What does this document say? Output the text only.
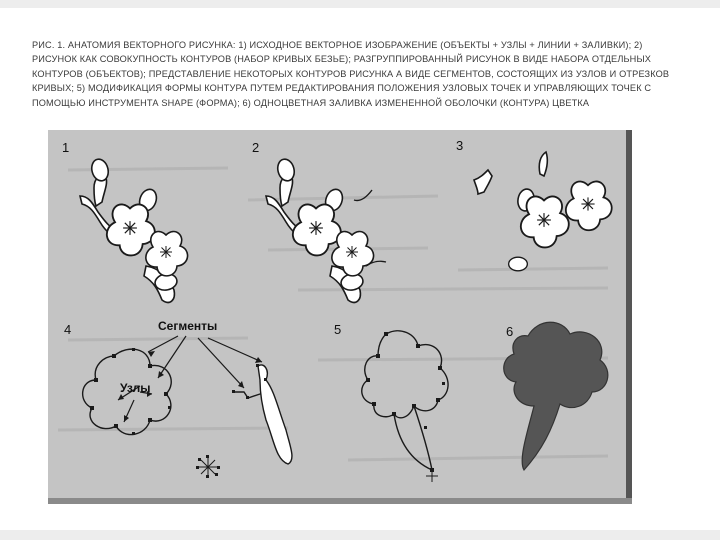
РИС. 1. АНАТОМИЯ ВЕКТОРНОГО РИСУНКА: 1) ИСХОДНОЕ ВЕКТОРНОЕ ИЗОБРАЖЕНИЕ (ОБЪЕКТЫ + УЗЛЫ + ЛИНИИ + ЗАЛИВКИ); 2)
РИСУНОК КАК СОВОКУПНОСТЬ КОНТУРОВ (НАБОР КРИВЫХ БЕЗЬЕ); РАЗГРУППИРОВАННЫЙ РИСУНОК В ВИДЕ НАБОРА ОТДЕЛЬНЫХ
КОНТУРОВ (ОБЪЕКТОВ); ПРЕДСТАВЛЕНИЕ НЕКОТОРЫХ КОНТУРОВ РИСУНКА А ВИДЕ СЕГМЕНТОВ, СОСТОЯЩИХ ИЗ УЗЛОВ И ОТРЕЗКОВ
КРИВЫХ; 5) МОДИФИКАЦИЯ ФОРМЫ КОНТУРА ПУТЕМ РЕДАКТИРОВАНИЯ ПОЛОЖЕНИЯ УЗЛОВЫХ ТОЧЕК И УПРАВЛЯЮЩИХ ТОЧЕК С
ПОМОЩЬЮ ИНСТРУМЕНТА SHAPE (ФОРМА); 6) ОДНОЦВЕТНАЯ ЗАЛИВКА ИЗМЕНЕННОЙ ОБОЛОЧКИ (КОНТУРА) ЦВЕТКА
1	2	3
4	5	6
Сегменты
Узлы
